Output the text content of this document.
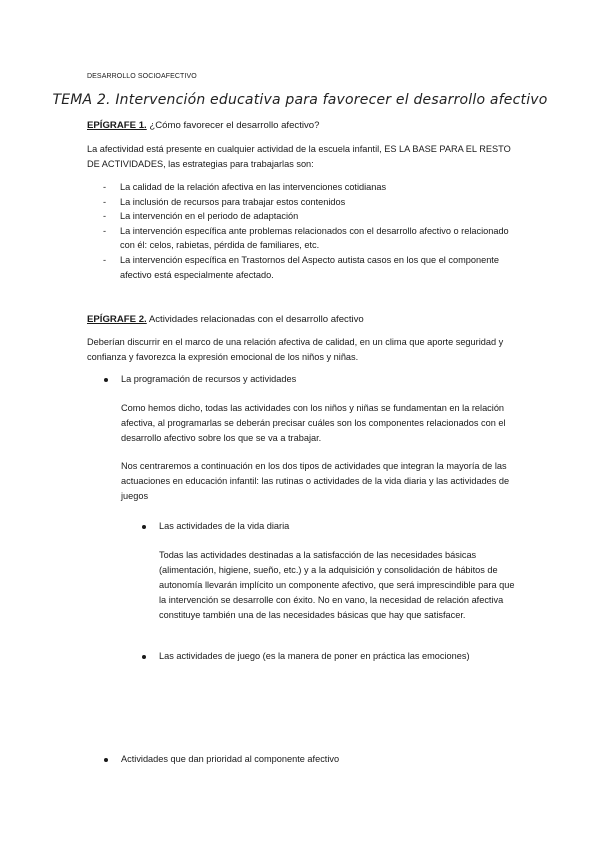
DESARROLLO SOCIOAFECTIVO
TEMA 2. Intervención educativa para favorecer el desarrollo afectivo
EPÍGRAFE 1. ¿Cómo favorecer el desarrollo afectivo?
La afectividad está presente en cualquier actividad de la escuela infantil, ES LA BASE PARA EL RESTO DE ACTIVIDADES, las estrategias para trabajarlas son:
- La calidad de la relación afectiva en las intervenciones cotidianas
- La inclusión de recursos para trabajar estos contenidos
- La intervención en el periodo de adaptación
- La intervención específica ante problemas relacionados con el desarrollo afectivo o relacionado con él: celos, rabietas, pérdida de familiares, etc.
- La intervención específica en Trastornos del Aspecto autista casos en los que el componente afectivo está especialmente afectado.
EPÍGRAFE 2. Actividades relacionadas con el desarrollo afectivo
Deberían discurrir en el marco de una relación afectiva de calidad, en un clima que aporte seguridad y confianza y favorezca la expresión emocional de los niños y niñas.
La programación de recursos y actividades
Como hemos dicho, todas las actividades con los niños y niñas se fundamentan en la relación afectiva, al programarlas se deberán precisar cuáles son los componentes relacionados con el desarrollo afectivo sobre los que se va a trabajar.
Nos centraremos a continuación en los dos tipos de actividades que integran la mayoría de las actuaciones en educación infantil: las rutinas o actividades de la vida diaria y las actividades de juegos
Las actividades de la vida diaria
Todas las actividades destinadas a la satisfacción de las necesidades básicas (alimentación, higiene, sueño, etc.) y a la adquisición y consolidación de hábitos de autonomía llevarán implícito un componente afectivo, que será imprescindible para que la intervención se desarrolle con éxito. No en vano, la necesidad de relación afectiva constituye también una de las necesidades básicas que hay que satisfacer.
Las actividades de juego (es la manera de poner en práctica las emociones)
Actividades que dan prioridad al componente afectivo
